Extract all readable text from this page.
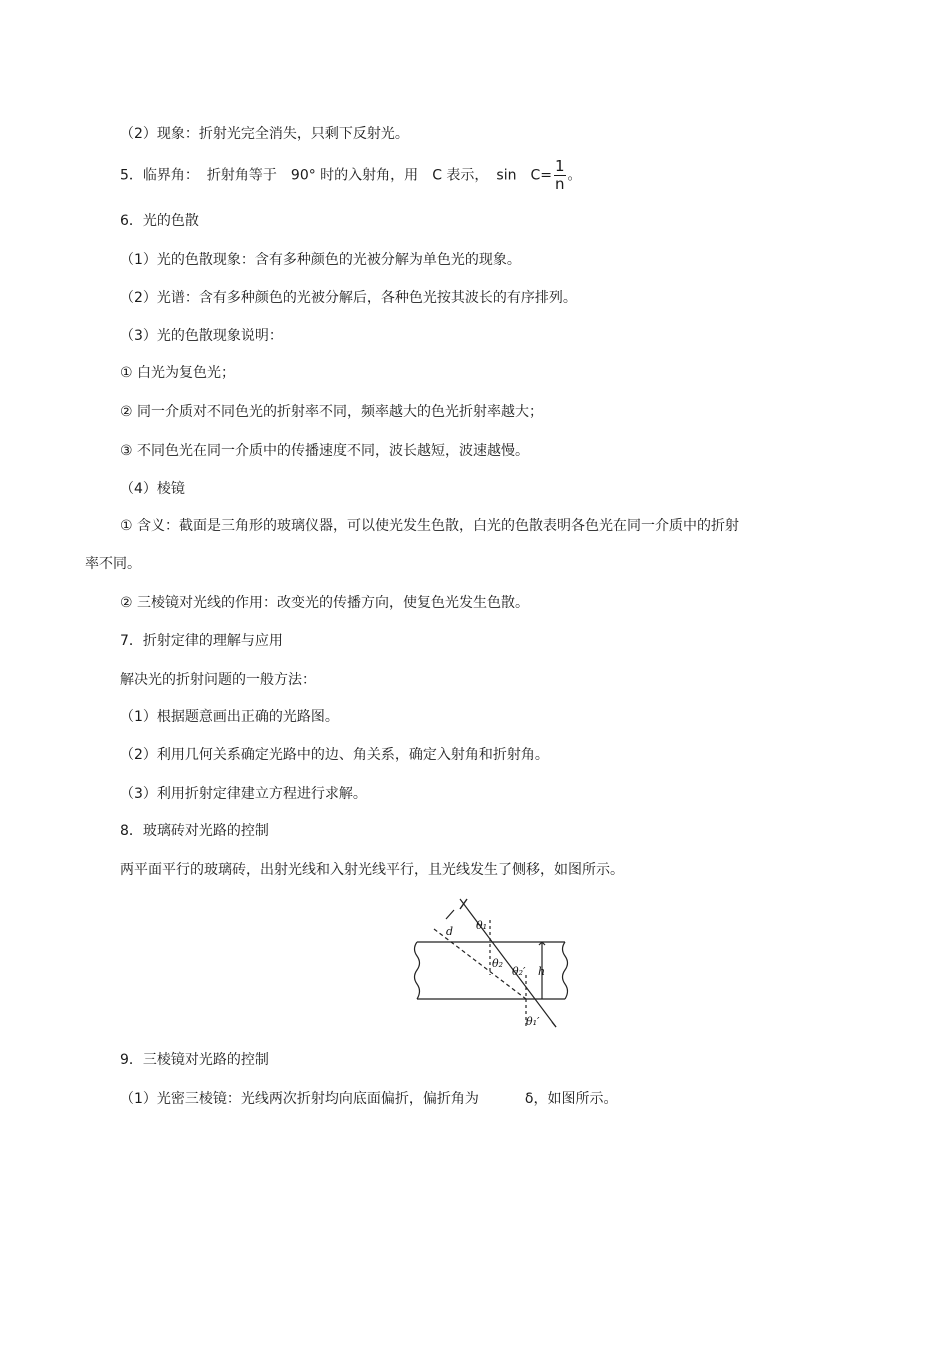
（2）现象：折射光完全消失，只剩下反射光。
5．临界角： 折射角等于 90° 时的入射角，用 C 表示， $\sin C= \frac{1}{n}$ 。
6．光的色散
（1）光的色散现象：含有多种颜色的光被分解为单色光的现象。
（2）光谱：含有多种颜色的光被分解后，各种色光按其波长的有序排列。
（3）光的色散现象说明：
① 白光为复色光；
② 同一介质对不同色光的折射率不同，频率越大的色光折射率越大；
③ 不同色光在同一介质中的传播速度不同，波长越短，波速越慢。
（4）棱镜
① 含义：截面是三角形的玻璃仪器，可以使光发生色散，白光的色散表明各色光在同一介质中的折射
率不同。
② 三棱镜对光线的作用：改变光的传播方向，使复色光发生色散。
7．折射定律的理解与应用
解决光的折射问题的一般方法：
（1）根据题意画出正确的光路图。
（2）利用几何关系确定光路中的边、角关系，确定入射角和折射角。
（3）利用折射定律建立方程进行求解。
8．玻璃砖对光路的控制
两平面平行的玻璃砖，出射光线和入射光线平行，且光线发生了侧移，如图所示。
d θ₁
θ₂
θ₂′ h
θ₁′
9．三棱镜对光路的控制
（1）光密三棱镜：光线两次折射均向底面偏折，偏折角为	δ，如图所示。
